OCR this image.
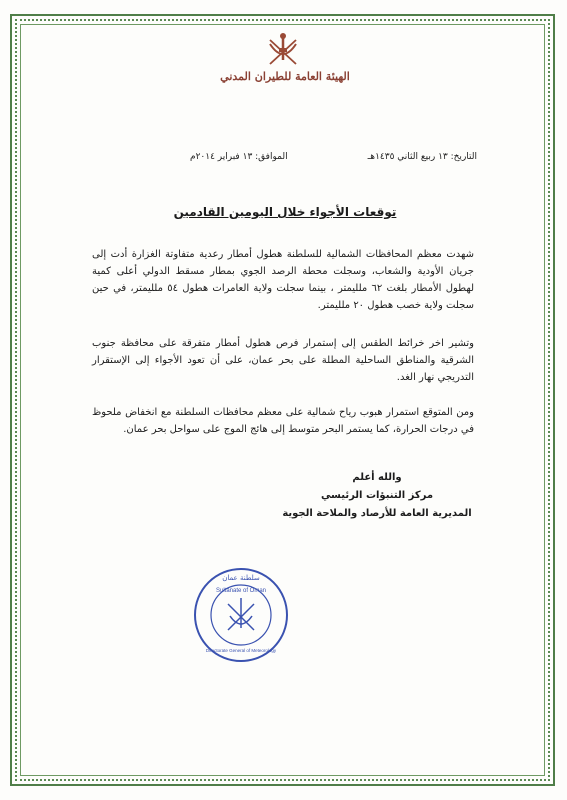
الهيئة العامة للطيران المدني
التاريخ: ١٣ ربيع الثاني ١٤٣٥هـ
الموافق: ١٣ فبراير ٢٠١٤م
توقعات الأجواء خلال اليومين القادمين
شهدت معظم المحافظات الشمالية للسلطنة هطول أمطار رعدية متفاوتة الغزارة أدت إلى جريان الأودية والشعاب، وسجلت محطة الرصد الجوي بمطار مسقط الدولي أعلى كمية لهطول الأمطار بلغت ٦٢ ملليمتر ، بينما سجلت ولاية العامرات هطول ٥٤ ملليمتر، في حين سجلت ولاية خصب هطول ٢٠ ملليمتر.
وتشير اخر خرائط الطقس إلى إستمرار فرص هطول أمطار متفرقة على محافظة جنوب الشرقية والمناطق الساحلية المطلة على بحر عمان، على أن تعود الأجواء إلى الإستقرار التدريجي نهار الغد.
ومن المتوقع استمرار هبوب رياح شمالية على معظم محافظات السلطنة مع انخفاض ملحوظ في درجات الحرارة، كما يستمر البحر متوسط إلى هائج الموج على سواحل بحر عمان.
والله أعلم
مركز التنبؤات الرئيسي
المديرية العامة للأرصاد والملاحة الجوية
Sultanate of Oman
سلطنة عمان
Directorate General of Meteorology
